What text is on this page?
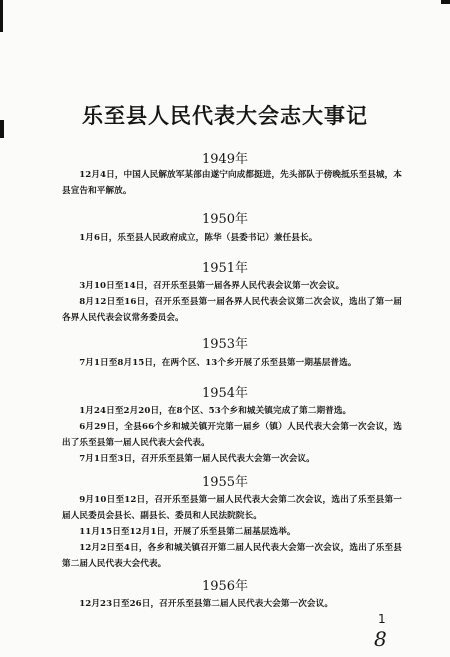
乐至县人民代表大会志大事记
1949年
12月4日，中国人民解放军某部由遂宁向成都挺进，先头部队于傍晚抵乐至县城，本县宣告和平解放。
1950年
1月6日，乐至县人民政府成立，陈华（县委书记）兼任县长。
1951年
3月10日至14日，召开乐至县第一届各界人民代表会议第一次会议。
8月12日至16日，召开乐至县第一届各界人民代表会议第二次会议，选出了第一届各界人民代表会议常务委员会。
1953年
7月1日至8月15日，在两个区、13个乡开展了乐至县第一期基层普选。
1954年
1月24日至2月20日，在8个区、53个乡和城关镇完成了第二期普选。
6月29日，全县66个乡和城关镇开完第一届乡（镇）人民代表大会第一次会议，选出了乐至县第一届人民代表大会代表。
7月1日至3日，召开乐至县第一届人民代表大会第一次会议。
1955年
9月10日至12日，召开乐至县第一届人民代表大会第二次会议，选出了乐至县第一届人民委员会县长、副县长、委员和人民法院院长。
11月15日至12月1日，开展了乐至县第二届基层选举。
12月2日至4日，各乡和城关镇召开第二届人民代表大会第一次会议，选出了乐至县第二届人民代表大会代表。
1956年
12月23日至26日，召开乐至县第二届人民代表大会第一次会议。
1
8
